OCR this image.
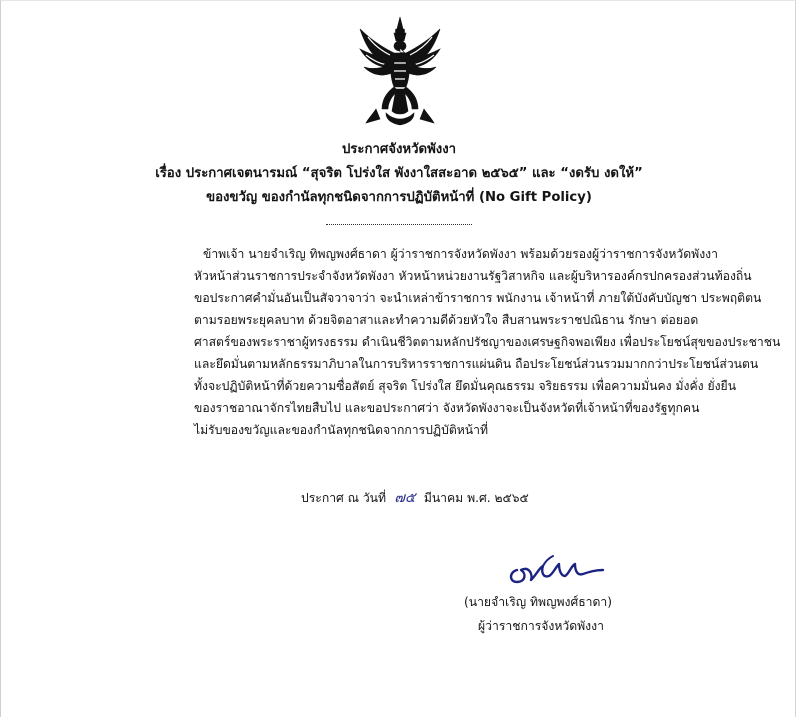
ประกาศจังหวัดพังงา
เรื่อง ประกาศเจตนารมณ์ “สุจริต โปร่งใส พังงาใสสะอาด ๒๕๖๕” และ “งดรับ งดให้”
ของขวัญ ของกำนัลทุกชนิดจากการปฏิบัติหน้าที่ (No Gift Policy)
ข้าพเจ้า นายจำเริญ ทิพญพงศ์ธาดา ผู้ว่าราชการจังหวัดพังงา พร้อมด้วยรองผู้ว่าราชการจังหวัดพังงา
หัวหน้าส่วนราชการประจำจังหวัดพังงา หัวหน้าหน่วยงานรัฐวิสาหกิจ และผู้บริหารองค์กรปกครองส่วนท้องถิ่น
ขอประกาศคำมั่นอันเป็นสัจวาจาว่า จะนำเหล่าข้าราชการ พนักงาน เจ้าหน้าที่ ภายใต้บังคับบัญชา ประพฤติตน
ตามรอยพระยุคลบาท ด้วยจิตอาสาและทำความดีด้วยหัวใจ สืบสานพระราชปณิธาน รักษา ต่อยอด
ศาสตร์ของพระราชาผู้ทรงธรรม ดำเนินชีวิตตามหลักปรัชญาของเศรษฐกิจพอเพียง เพื่อประโยชน์สุขของประชาชน
และยึดมั่นตามหลักธรรมาภิบาลในการบริหารราชการแผ่นดิน ถือประโยชน์ส่วนรวมมากกว่าประโยชน์ส่วนตน
ทั้งจะปฏิบัติหน้าที่ด้วยความซื่อสัตย์ สุจริต โปร่งใส ยึดมั่นคุณธรรม จริยธรรม เพื่อความมั่นคง มั่งคั่ง ยั่งยืน
ของราชอาณาจักรไทยสืบไป และขอประกาศว่า จังหวัดพังงาจะเป็นจังหวัดที่เจ้าหน้าที่ของรัฐทุกคน
ไม่รับของขวัญและของกำนัลทุกชนิดจากการปฏิบัติหน้าที่
ประกาศ ณ วันที่ ๗๕ มีนาคม พ.ศ. ๒๕๖๕
(นายจำเริญ ทิพญพงศ์ธาดา)
ผู้ว่าราชการจังหวัดพังงา
